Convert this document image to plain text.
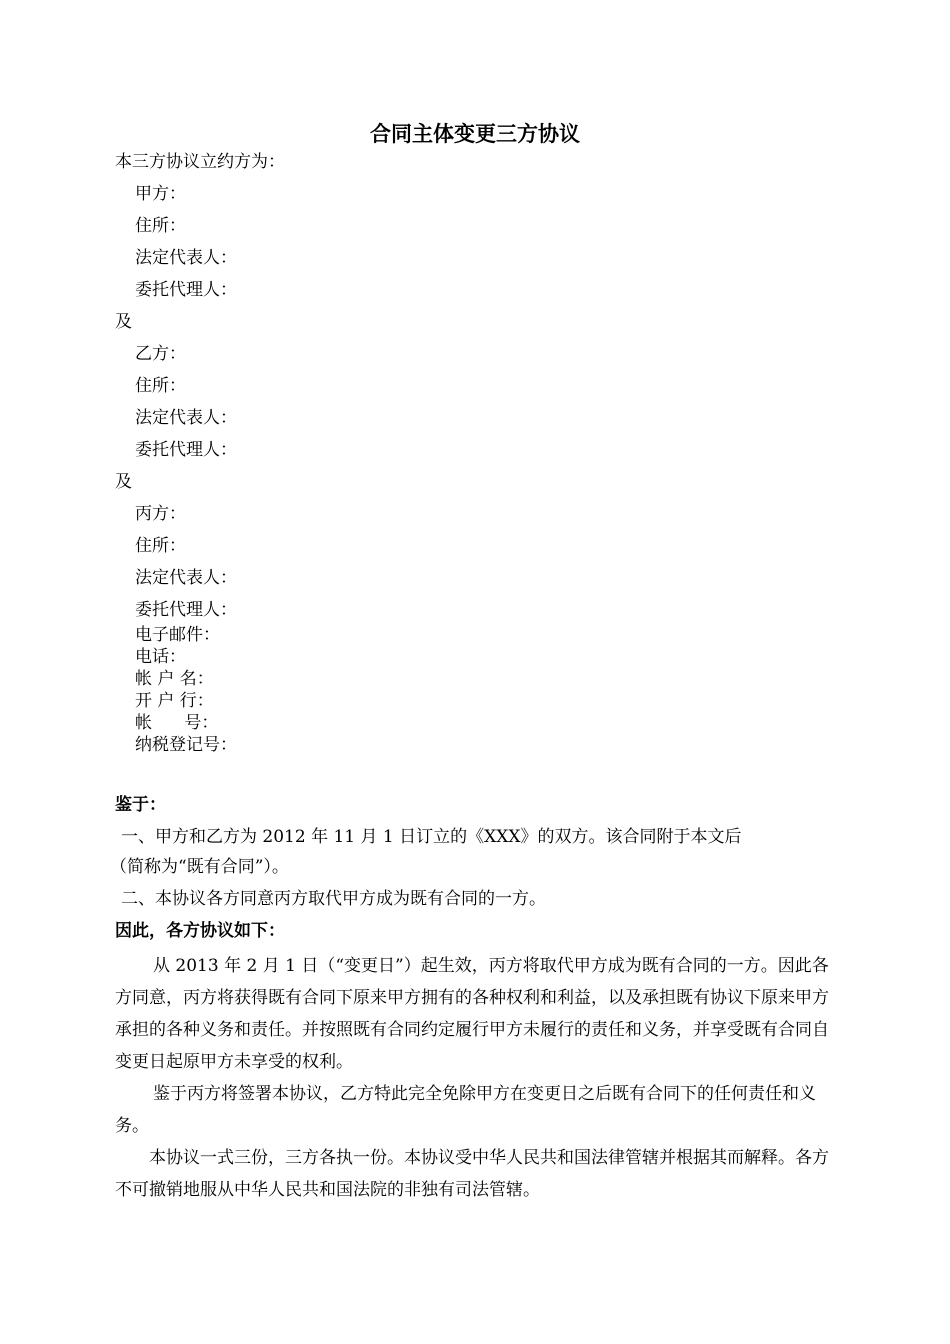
合同主体变更三方协议
本三方协议立约方为：
甲方：
住所：
法定代表人：
委托代理人：
及
乙方：
住所：
法定代表人：
委托代理人：
及
丙方：
住所：
法定代表人：
委托代理人：
电子邮件：
电话：
帐 户 名：
开 户 行：
帐      号：
纳税登记号：
鉴于：
一、甲方和乙方为 2012 年 11 月 1 日订立的《XXX》的双方。该合同附于本文后
（简称为“既有合同”）。
二、本协议各方同意丙方取代甲方成为既有合同的一方。
因此，各方协议如下：
从 2013 年 2 月 1 日（“变更日”）起生效，丙方将取代甲方成为既有合同的一方。因此各方同意，丙方将获得既有合同下原来甲方拥有的各种权利和利益，以及承担既有协议下原来甲方承担的各种义务和责任。并按照既有合同约定履行甲方未履行的责任和义务，并享受既有合同自变更日起原甲方未享受的权利。
鉴于丙方将签署本协议，乙方特此完全免除甲方在变更日之后既有合同下的任何责任和义务。
本协议一式三份，三方各执一份。本协议受中华人民共和国法律管辖并根据其而解释。各方不可撤销地服从中华人民共和国法院的非独有司法管辖。
